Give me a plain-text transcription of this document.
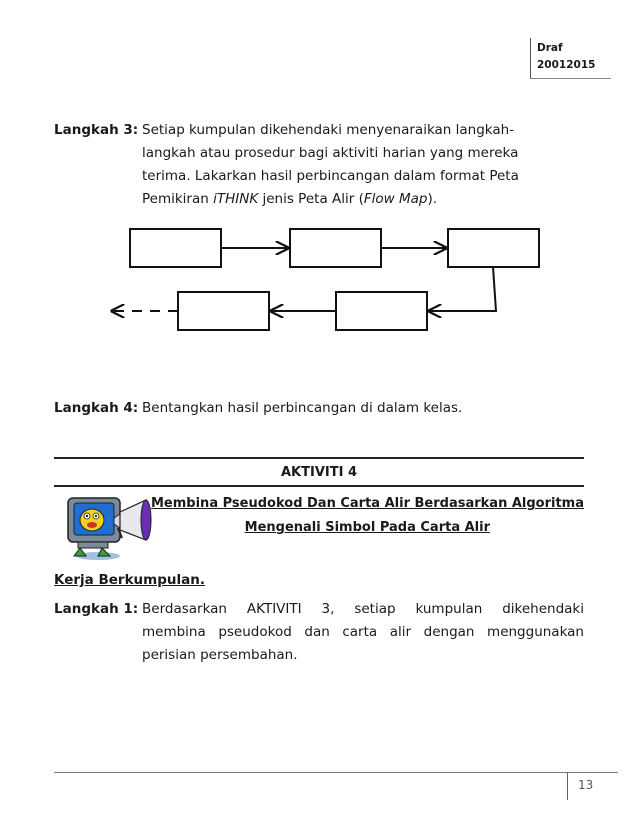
Draf
20012015
Langkah 3: Setiap kumpulan dikehendaki menyenaraikan langkah-
langkah atau prosedur bagi aktiviti harian yang mereka
terima. Lakarkan hasil perbincangan dalam format Peta
Pemikiran iTHINK jenis Peta Alir (Flow Map).
Langkah 4: Bentangkan hasil perbincangan di dalam kelas.
AKTIVITI 4
Membina Pseudokod Dan Carta Alir Berdasarkan Algoritma
Mengenali Simbol Pada Carta Alir
Kerja Berkumpulan.
Langkah 1: Berdasarkan AKTIVITI 3, setiap kumpulan dikehendaki
membina pseudokod dan carta alir dengan menggunakan
perisian persembahan.
13
